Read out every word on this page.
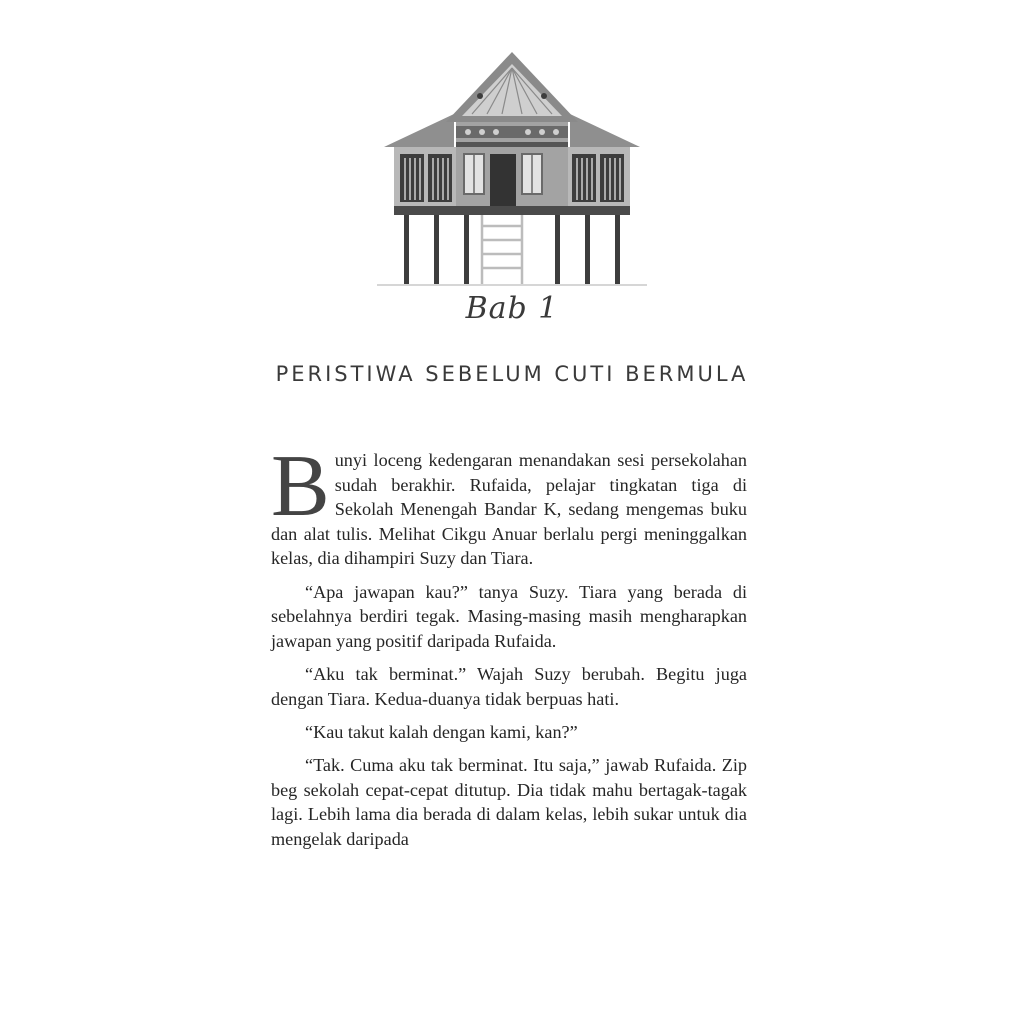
Bab 1
PERISTIWA SEBELUM CUTI BERMULA

Bunyi loceng kedengaran menandakan sesi persekolahan sudah berakhir. Rufaida, pelajar tingkatan tiga di Sekolah Menengah Bandar K, sedang mengemas buku dan alat tulis. Melihat Cikgu Anuar berlalu pergi meninggalkan kelas, dia dihampiri Suzy dan Tiara.

“Apa jawapan kau?” tanya Suzy. Tiara yang berada di sebelahnya berdiri tegak. Masing-masing masih mengharapkan jawapan yang positif daripada Rufaida.

“Aku tak berminat.” Wajah Suzy berubah. Begitu juga dengan Tiara. Kedua-duanya tidak berpuas hati.

“Kau takut kalah dengan kami, kan?”

“Tak. Cuma aku tak berminat. Itu saja,” jawab Rufaida. Zip beg sekolah cepat-cepat ditutup. Dia tidak mahu bertagak-tagak lagi. Lebih lama dia berada di dalam kelas, lebih sukar untuk dia mengelak daripada
